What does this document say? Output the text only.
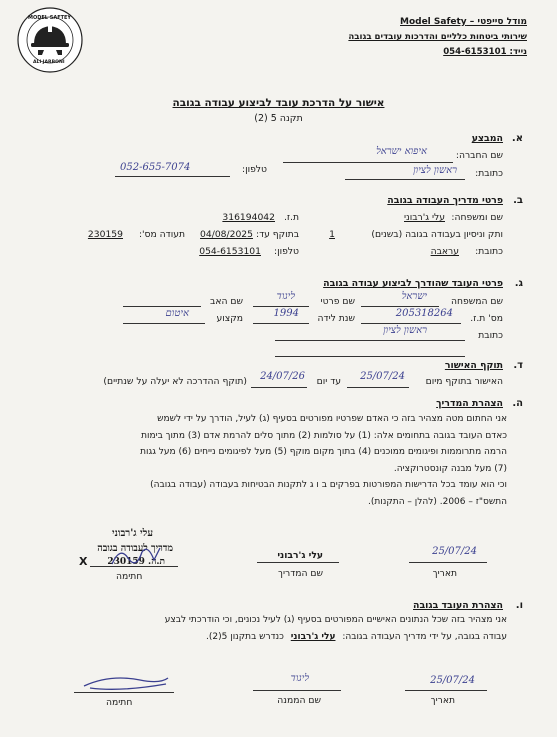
מודל סייפטי – Model Safety
שירותי ביטחות כלליים והדרכות עובדים בגובה
נייד: 054-6153101
MODEL SAFTEY
ALI JARBONI
אישור על הדרכת עובד לביצוע עבודה בגובה
תקנה 5 (2)
א.
המבצע
שם החברה:
איפוא ישראל
כתובת:
ראשון לציון
טלפון:
052-655-7074
ב.
פרטי מדריך העבודה בגובה
שם ומשפחה:
עלי ג'רבוני
ת.ז.
316194042
ותק וניסיון בעבודה בגובה (בשנים)
1
בתוקף עד:
04/08/2025
תעודה מס':
230159
כתובת:
עראבה
טלפון:
054-6153101
ג.
פרטי העובד שהודרך לביצוע עבודה בגובה
שם המשפחה
ישראל
שם פרטי
ליגוד
שם האב
מס' ת.ז.
205318264
שנת לידה
1994
מקצוע
איטום
כתובת
ראשון לציון
ד.
תוקף האישור
האישור בתוקף מיום
25/07/24
עד יום
24/07/26
(תוקף ההדרכה לא יעלה על שנתיים)
ה.
הצהרת המדריך
אני החתום מטה מצהיר בזה כי האדם שפרטיו מפורטים בסעיף (ג) לעיל, הודרך על ידי לשמש
כאדם העובד בגובה בתחומים אלה: (1) על סולמות (2) מתוך סלים להרמת אדם (3) מתוך בימות
הרמה מתרוממות ופיגומים ממוכנים (4) בתוך מקום מוקף (5) מעל לפיגומים נייחים (6) מעל גגות
(7) מעל מבנה קונסטרוקציה.
וכי הוא עומד בכל הדרישות המפורטות בפרקים ב ו ג לתקנות הבטיחות בעבודה (עבודה בגובה)
התשס"ז – 2006. (להלן – התקנות).
25/07/24
תאריך
עלי ג'רבוני
שם המדריך
עלי ג'רבוני
מדריך לעבודה בגובה
ת.ה. 230159
X
חתימה
ו.
הצהרת העובד בגובה
אני מצהיר בזה שכל הנתונים האישיים המפורטים בסעיף (ג) לעיל נכונים, וכי הודרכתי לבצע
עבודה בגובה, על ידי מדריך העבודה בגובה: עלי ג'רבוני כנדרש בתקנון 5(2).
25/07/24
תאריך
ליגוד
שם הממנה
חתימה
